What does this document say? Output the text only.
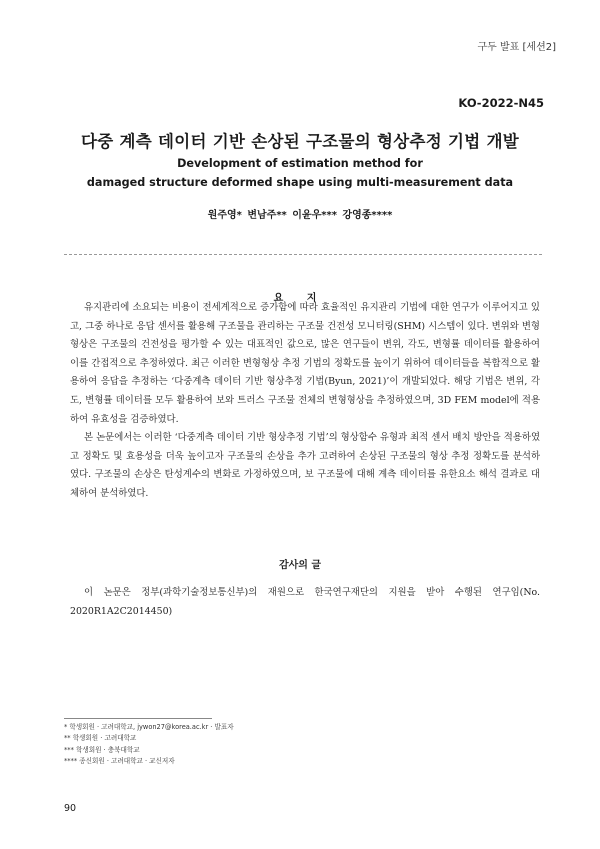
구두 발표 [세션2]
KO-2022-N45
다중 계측 데이터 기반 손상된 구조물의 형상추정 기법 개발
Development of estimation method for
damaged structure deformed shape using multi-measurement data
원주영* 변남주** 이윤우*** 강영종****
요 지

유지관리에 소요되는 비용이 전세계적으로 증가함에 따라 효율적인 유지관리 기법에 대한 연구가 이루어지고 있고, 그중 하나로 응답 센서를 활용해 구조물을 관리하는 구조물 건전성 모니터링(SHM) 시스템이 있다. 변위와 변형형상은 구조물의 건전성을 평가할 수 있는 대표적인 값으로, 많은 연구들이 변위, 각도, 변형률 데이터를 활용하여 이를 간접적으로 추정하였다. 최근 이러한 변형형상 추정 기법의 정확도를 높이기 위하여 데이터들을 복합적으로 활용하여 응답을 추정하는 ‘다중계측 데이터 기반 형상추정 기법(Byun, 2021)’이 개발되었다. 해당 기법은 변위, 각도, 변형률 데이터를 모두 활용하여 보와 트러스 구조물 전체의 변형형상을 추정하였으며, 3D FEM model에 적용하여 유효성을 검증하였다.

본 논문에서는 이러한 ‘다중계측 데이터 기반 형상추정 기법’의 형상함수 유형과 최적 센서 배치 방안을 적용하였고 정확도 및 효용성을 더욱 높이고자 구조물의 손상을 추가 고려하여 손상된 구조물의 형상 추정 정확도를 분석하였다. 구조물의 손상은 탄성계수의 변화로 가정하였으며, 보 구조물에 대해 계측 데이터를 유한요소 해석 결과로 대체하여 분석하였다.

감사의 글

이 논문은 정부(과학기술정보통신부)의 재원으로 한국연구재단의 지원을 받아 수행된 연구임(No. 2020R1A2C2014450)

* 학생회원 · 고려대학교, jywon27@korea.ac.kr · 발표자
** 학생회원 · 고려대학교
*** 학생회원 · 충북대학교
**** 종신회원 · 고려대학교 · 교신저자
90
